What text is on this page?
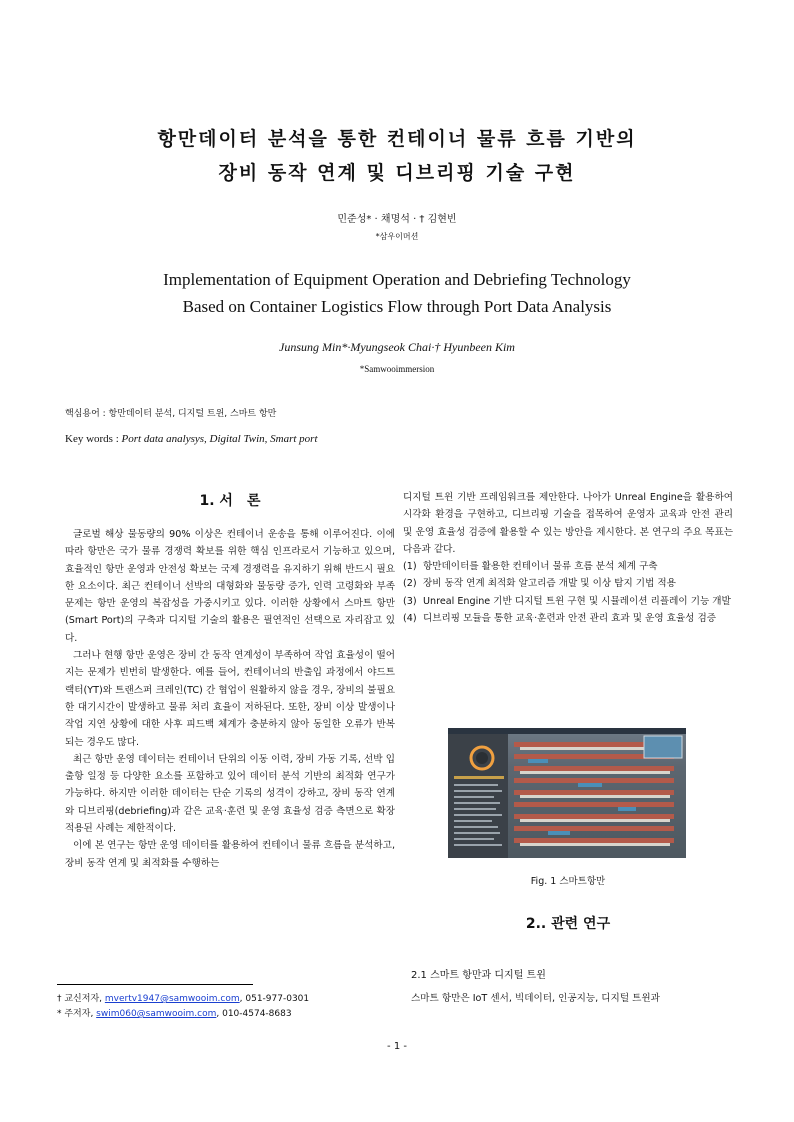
항만데이터 분석을 통한 컨테이너 물류 흐름 기반의
장비 동작 연계 및 디브리핑 기술 구현
민준성* · 채명석 · † 김현빈
*삼우이머션
Implementation of Equipment Operation and Debriefing Technology
Based on Container Logistics Flow through Port Data Analysis
Junsung Min*·Myungseok Chai·† Hyunbeen Kim
*Samwooimmersion
핵심용어 : 항만데이터 분석, 디지털 트윈, 스마트 항만
Key words : Port data analysys, Digital Twin, Smart port
1. 서　론

글로벌 해상 물동량의 90% 이상은 컨테이너 운송을 통해 이루어진다. 이에 따라 항만은 국가 물류 경쟁력 확보를 위한 핵심 인프라로서 기능하고 있으며, 효율적인 항만 운영과 안전성 확보는 국제 경쟁력을 유지하기 위해 반드시 필요한 요소이다. 최근 컨테이너 선박의 대형화와 물동량 증가, 인력 고령화와 부족 문제는 항만 운영의 복잡성을 가중시키고 있다. 이러한 상황에서 스마트 항만(Smart Port)의 구축과 디지털 기술의 활용은 필연적인 선택으로 자리잡고 있다.

그러나 현행 항만 운영은 장비 간 동작 연계성이 부족하여 작업 효율성이 떨어지는 문제가 빈번히 발생한다. 예를 들어, 컨테이너의 반출입 과정에서 야드트랙터(YT)와 트랜스퍼 크레인(TC) 간 협업이 원활하지 않을 경우, 장비의 불필요한 대기시간이 발생하고 물류 처리 효율이 저하된다. 또한, 장비 이상 발생이나 작업 지연 상황에 대한 사후 피드백 체계가 충분하지 않아 동일한 오류가 반복되는 경우도 많다.

최근 항만 운영 데이터는 컨테이너 단위의 이동 이력, 장비 가동 기록, 선박 입출항 일정 등 다양한 요소를 포함하고 있어 데이터 분석 기반의 최적화 연구가 가능하다. 하지만 이러한 데이터는 단순 기록의 성격이 강하고, 장비 동작 연계와 디브리핑(debriefing)과 같은 교육·훈련 및 운영 효율성 검증 측면으로 확장 적용된 사례는 제한적이다.

이에 본 연구는 항만 운영 데이터를 활용하여 컨테이너 물류 흐름을 분석하고, 장비 동작 연계 및 최적화를 수행하는

디지털 트윈 기반 프레임워크를 제안한다. 나아가 Unreal Engine을 활용하여 시각화 환경을 구현하고, 디브리핑 기술을 접목하여 운영자 교육과 안전 관리 및 운영 효율성 검증에 활용할 수 있는 방안을 제시한다. 본 연구의 주요 목표는 다음과 같다.

(1) 항만데이터를 활용한 컨테이너 물류 흐름 분석 체계 구축
(2) 장비 동작 연계 최적화 알고리즘 개발 및 이상 탐지 기법 적용
(3) Unreal Engine 기반 디지털 트윈 구현 및 시뮬레이션 리플레이 기능 개발
(4) 디브리핑 모듈을 통한 교육·훈련과 안전 관리 효과 및 운영 효율성 검증
Fig. 1 스마트항만
2.. 관련 연구
2.1 스마트 항만과 디지털 트윈

스마트 항만은 IoT 센서, 빅데이터, 인공지능, 디지털 트윈과

† 교신저자, mvertv1947@samwooim.com, 051-977-0301
* 주저자, swim060@samwooim.com, 010-4574-8683
- 1 -
